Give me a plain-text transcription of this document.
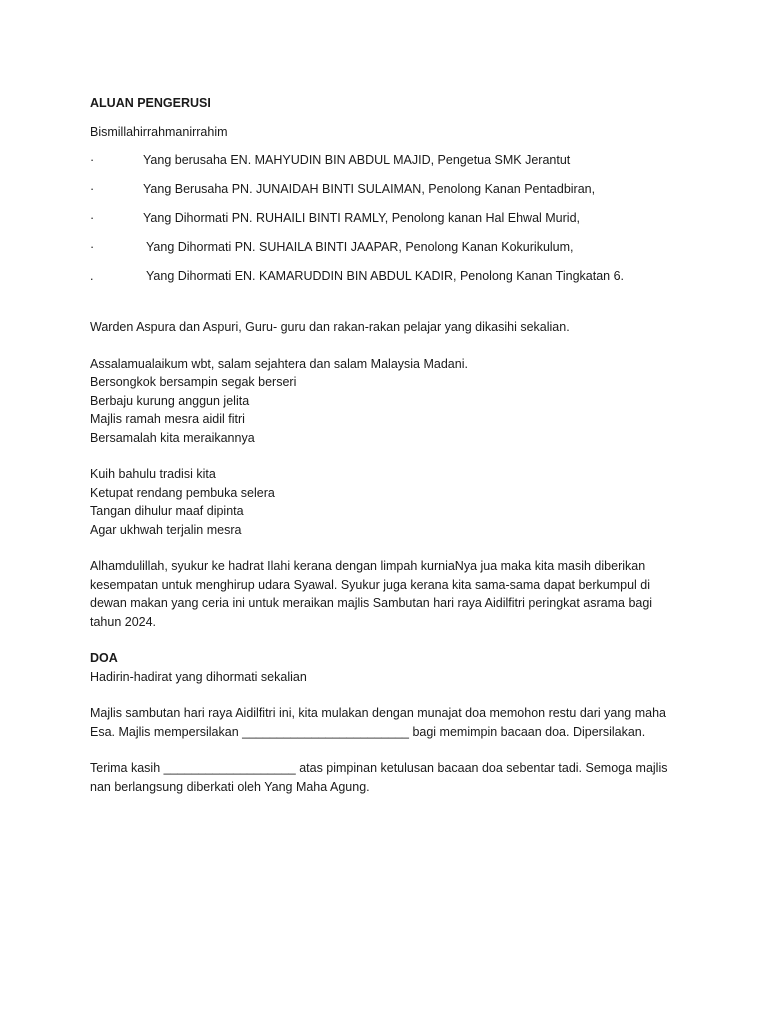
ALUAN PENGERUSI
Bismillahirrahmanirrahim
·	Yang berusaha EN. MAHYUDIN BIN ABDUL MAJID, Pengetua SMK Jerantut
·	Yang Berusaha PN. JUNAIDAH BINTI SULAIMAN, Penolong Kanan Pentadbiran,
·	Yang Dihormati PN. RUHAILI BINTI RAMLY, Penolong kanan Hal Ehwal Murid,
·	Yang Dihormati PN. SUHAILA BINTI JAAPAR, Penolong Kanan Kokurikulum,
.	Yang Dihormati EN. KAMARUDDIN BIN ABDUL KADIR, Penolong Kanan Tingkatan 6.
Warden Aspura dan Aspuri, Guru- guru dan rakan-rakan pelajar yang dikasihi sekalian.
Assalamualaikum wbt, salam sejahtera dan salam Malaysia Madani.
Bersongkok bersampin segak berseri
Berbaju kurung anggun jelita
Majlis ramah mesra aidil fitri
Bersamalah kita meraikannya
Kuih bahulu tradisi kita
Ketupat rendang pembuka selera
Tangan dihulur maaf dipinta
Agar ukhwah terjalin mesra
Alhamdulillah, syukur ke hadrat Ilahi kerana dengan limpah kurniaNya jua maka kita masih diberikan
kesempatan untuk menghirup udara Syawal. Syukur juga kerana kita sama-sama dapat berkumpul di
dewan makan yang ceria ini untuk meraikan majlis Sambutan hari raya Aidilfitri peringkat asrama bagi
tahun 2024.
DOA
Hadirin-hadirat yang dihormati sekalian
Majlis sambutan hari raya Aidilfitri ini, kita mulakan dengan munajat doa memohon restu dari yang maha
Esa. Majlis mempersilakan ________________________ bagi memimpin bacaan doa. Dipersilakan.
Terima kasih ___________________ atas pimpinan ketulusan bacaan doa sebentar tadi. Semoga majlis
nan berlangsung diberkati oleh Yang Maha Agung.
